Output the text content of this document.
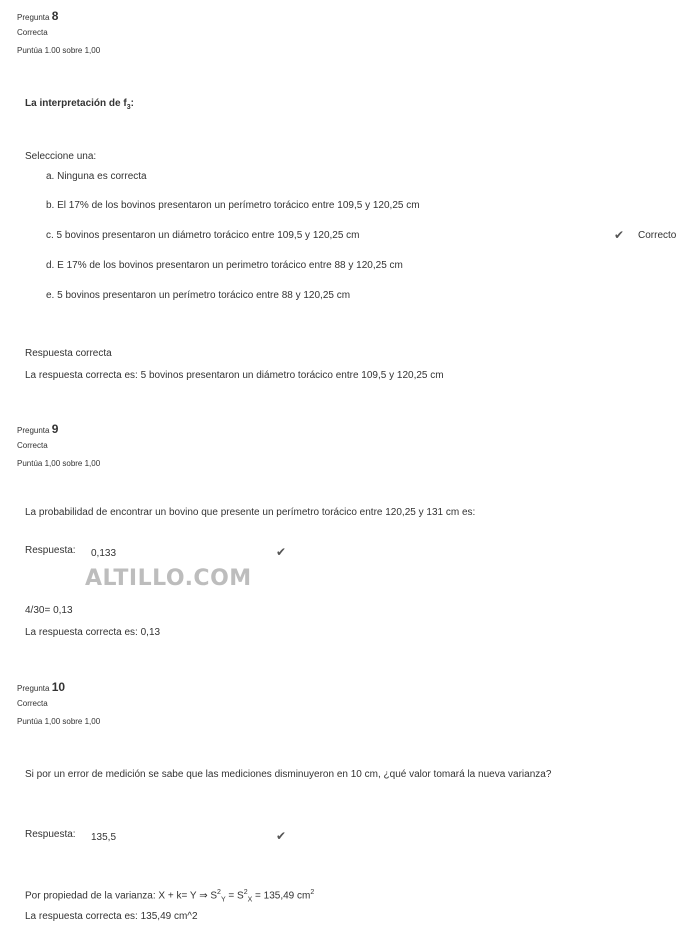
Pregunta 8
Correcta
Puntúa 1.00 sobre 1,00
La interpretación de $f_3$:
Seleccione una:
a. Ninguna es correcta
b. El 17% de los bovinos presentaron un perímetro torácico entre 109,5 y 120,25 cm
c. 5 bovinos presentaron un diámetro torácico entre 109,5 y 120,25 cm	✔ Correcto
d. E 17% de los bovinos presentaron un perimetro torácico entre 88 y 120,25 cm
e. 5 bovinos presentaron un perímetro torácico entre 88 y 120,25 cm
Respuesta correcta
La respuesta correcta es: 5 bovinos presentaron un diámetro torácico entre 109,5 y 120,25 cm
Pregunta 9
Correcta
Puntúa 1,00 sobre 1,00
La probabilidad de encontrar un bovino que presente un perímetro torácico entre 120,25 y 131 cm es:
Respuesta: 0,133	✔
ALTILLO.COM
4/30= 0,13
La respuesta correcta es: 0,13
Pregunta 10
Correcta
Puntúa 1,00 sobre 1,00
Si por un error de medición se sabe que las mediciones disminuyeron en 10 cm, ¿qué valor tomará la nueva varianza?
Respuesta: 135,5	✔
Por propiedad de la varianza: X + k= Y ⇒ $S^2_Y = S^2_X = 135,49$ $cm^2$
La respuesta correcta es: 135,49 cm^2
